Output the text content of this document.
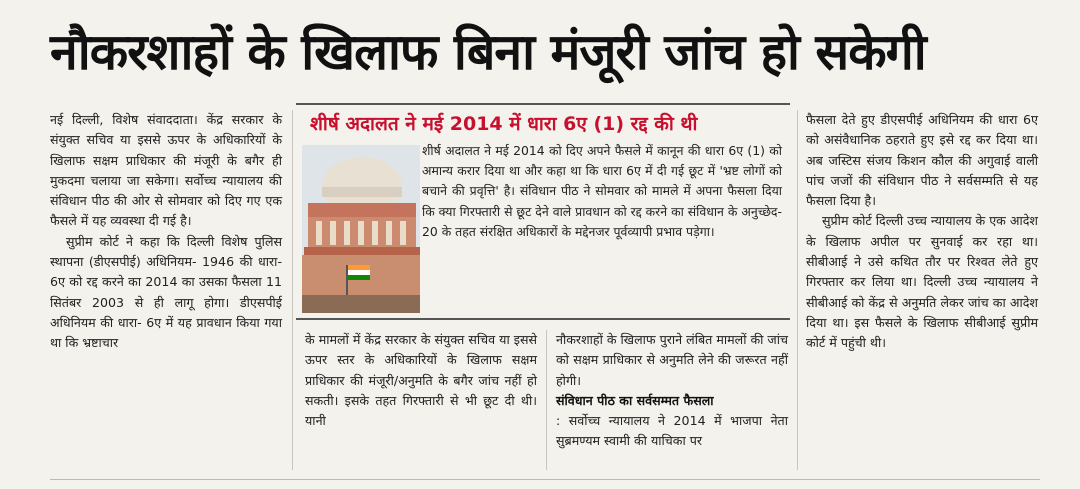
नौकरशाहों के खिलाफ बिना मंजूरी जांच हो सकेगी

नई दिल्ली, विशेष संवाददाता। केंद्र सरकार के संयुक्त सचिव या इससे ऊपर के अधिकारियों के खिलाफ सक्षम प्राधिकार की मंजूरी के बगैर ही मुकदमा चलाया जा सकेगा। सर्वोच्च न्यायालय की संविधान पीठ की ओर से सोमवार को दिए गए एक फैसले में यह व्यवस्था दी गई है।

सुप्रीम कोर्ट ने कहा कि दिल्ली विशेष पुलिस स्थापना (डीएसपीई) अधिनियम- 1946 की धारा- 6ए को रद्द करने का 2014 का उसका फैसला 11 सितंबर 2003 से ही लागू होगा। डीएसपीई अधिनियम की धारा- 6ए में यह प्रावधान किया गया था कि भ्रष्टाचार

शीर्ष अदालत ने मई 2014 में धारा 6ए (1) रद्द की थी
शीर्ष अदालत ने मई 2014 को दिए अपने फैसले में कानून की धारा 6ए (1) को अमान्य करार दिया था और कहा था कि धारा 6ए में दी गई छूट में 'भ्रष्ट लोगों को बचाने की प्रवृत्ति' है। संविधान पीठ ने सोमवार को मामले में अपना फैसला दिया कि क्या गिरफ्तारी से छूट देने वाले प्रावधान को रद्द करने का संविधान के अनुच्छेद- 20 के तहत संरक्षित अधिकारों के मद्देनजर पूर्वव्यापी प्रभाव पड़ेगा।

के मामलों में केंद्र सरकार के संयुक्त सचिव या इससे ऊपर स्तर के अधिकारियों के खिलाफ सक्षम प्राधिकार की मंजूरी/अनुमति के बगैर जांच नहीं हो सकती। इसके तहत गिरफ्तारी से भी छूट दी थी। यानी

नौकरशाहों के खिलाफ पुराने लंबित मामलों की जांच को सक्षम प्राधिकार से अनुमति लेने की जरूरत नहीं होगी।

संविधान पीठ का सर्वसम्मत फैसला

: सर्वोच्च न्यायालय ने 2014 में भाजपा नेता सुब्रमण्यम स्वामी की याचिका पर

फैसला देते हुए डीएसपीई अधिनियम की धारा 6ए को असंवैधानिक ठहराते हुए इसे रद्द कर दिया था। अब जस्टिस संजय किशन कौल की अगुवाई वाली पांच जजों की संविधान पीठ ने सर्वसम्मति से यह फैसला दिया है।

सुप्रीम कोर्ट दिल्ली उच्च न्यायालय के एक आदेश के खिलाफ अपील पर सुनवाई कर रहा था। सीबीआई ने उसे कथित तौर पर रिश्वत लेते हुए गिरफ्तार कर लिया था। दिल्ली उच्च न्यायालय ने सीबीआई को केंद्र से अनुमति लेकर जांच का आदेश दिया था। इस फैसले के खिलाफ सीबीआई सुप्रीम कोर्ट में पहुंची थी।
